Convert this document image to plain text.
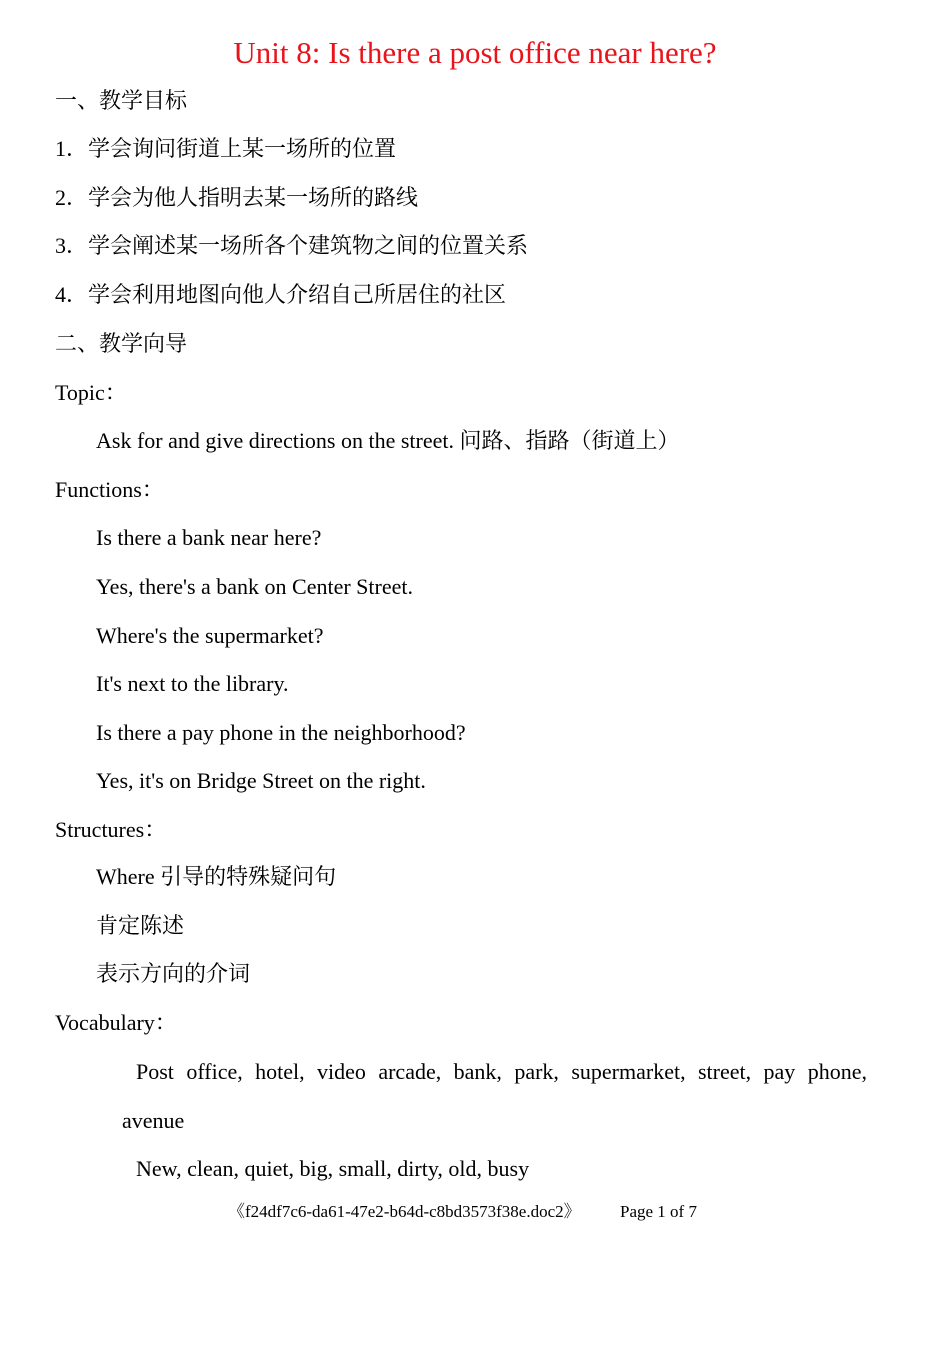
Unit 8: Is there a post office near here?
一、教学目标
1．学会询问街道上某一场所的位置
2．学会为他人指明去某一场所的路线
3．学会阐述某一场所各个建筑物之间的位置关系
4．学会利用地图向他人介绍自己所居住的社区
二、教学向导
Topic：
Ask for and give directions on the street. 问路、指路（街道上）
Functions：
Is there a bank near here?
Yes, there's a bank on Center Street.
Where's the supermarket?
It's next to the library.
Is there a pay phone in the neighborhood?
Yes, it's on Bridge Street on the right.
Structures：
Where 引导的特殊疑问句
肯定陈述
表示方向的介词
Vocabulary：
Post office, hotel, video arcade, bank, park, supermarket, street, pay phone,
avenue
New, clean, quiet, big, small, dirty, old, busy
《f24df7c6-da61-47e2-b64d-c8bd3573f38e.doc2》 Page 1 of 7
